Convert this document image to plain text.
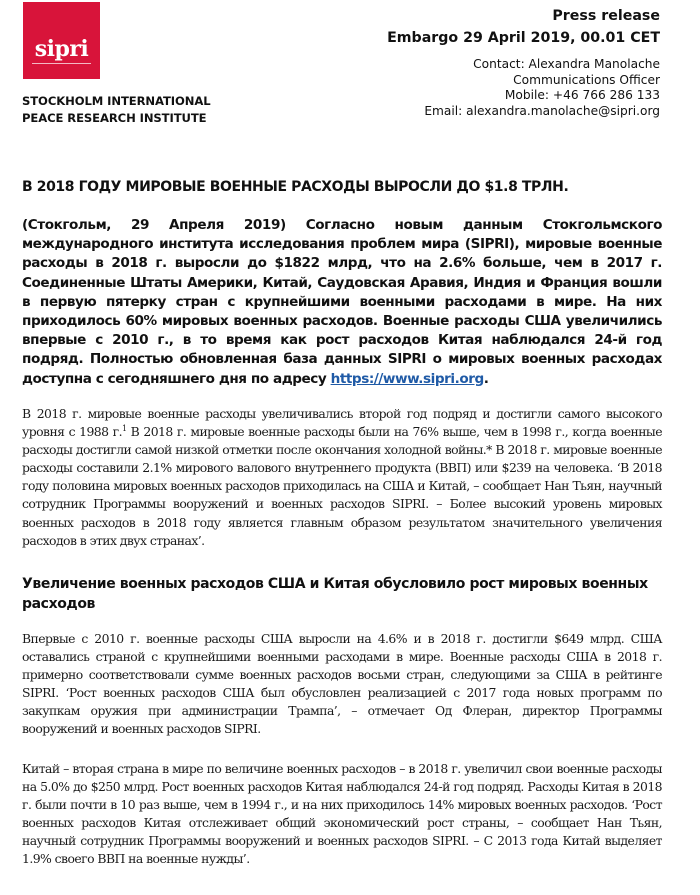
sipri
STOCKHOLM INTERNATIONAL
PEACE RESEARCH INSTITUTE
Press release
Embargo 29 April 2019, 00.01 CET
Contact: Alexandra Manolache
Communications Officer
Mobile: +46 766 286 133
Email: alexandra.manolache@sipri.org
В 2018 ГОДУ МИРОВЫЕ ВОЕННЫЕ РАСХОДЫ ВЫРОСЛИ ДО $1.8 ТРЛН.
(Стокгольм, 29 Апреля 2019) Согласно новым данным Стокгольмского международного института исследования проблем мира (SIPRI), мировые военные расходы в 2018 г. выросли до $1822 млрд, что на 2.6% больше, чем в 2017 г. Соединенные Штаты Америки, Китай, Саудовская Аравия, Индия и Франция вошли в первую пятерку стран с крупнейшими военными расходами в мире. На них приходилось 60% мировых военных расходов. Военные расходы США увеличились впервые с 2010 г., в то время как рост расходов Китая наблюдался 24-й год подряд. Полностью обновленная база данных SIPRI о мировых военных расходах доступна с сегодняшнего дня по адресу https://www.sipri.org.
В 2018 г. мировые военные расходы увеличивались второй год подряд и достигли самого высокого уровня с 1988 г.$^1$ В 2018 г. мировые военные расходы были на 76% выше, чем в 1998 г., когда военные расходы достигли самой низкой отметки после окончания холодной войны.* В 2018 г. мировые военные расходы составили 2.1% мирового валового внутреннего продукта (ВВП) или $239 на человека. ‘В 2018 году половина мировых военных расходов приходилась на США и Китай, – сообщает Нан Тьян, научный сотрудник Программы вооружений и военных расходов SIPRI. – Более высокий уровень мировых военных расходов в 2018 году является главным образом результатом значительного увеличения расходов в этих двух странах’.
Увеличение военных расходов США и Китая обусловило рост мировых военных расходов
Впервые с 2010 г. военные расходы США выросли на 4.6% и в 2018 г. достигли $649 млрд. США оставались страной с крупнейшими военными расходами в мире. Военные расходы США в 2018 г. примерно соответствовали сумме военных расходов восьми стран, следующими за США в рейтинге SIPRI. ‘Рост военных расходов США был обусловлен реализацией с 2017 года новых программ по закупкам оружия при администрации Трампа’, – отмечает Од Флеран, директор Программы вооружений и военных расходов SIPRI.
Китай – вторая страна в мире по величине военных расходов – в 2018 г. увеличил свои военные расходы на 5.0% до $250 млрд. Рост военных расходов Китая наблюдался 24-й год подряд. Расходы Китая в 2018 г. были почти в 10 раз выше, чем в 1994 г., и на них приходилось 14% мировых военных расходов. ‘Рост военных расходов Китая отслеживает общий экономический рост страны, – сообщает Нан Тьян, научный сотрудник Программы вооружений и военных расходов SIPRI. – С 2013 года Китай выделяет 1.9% своего ВВП на военные нужды’.
